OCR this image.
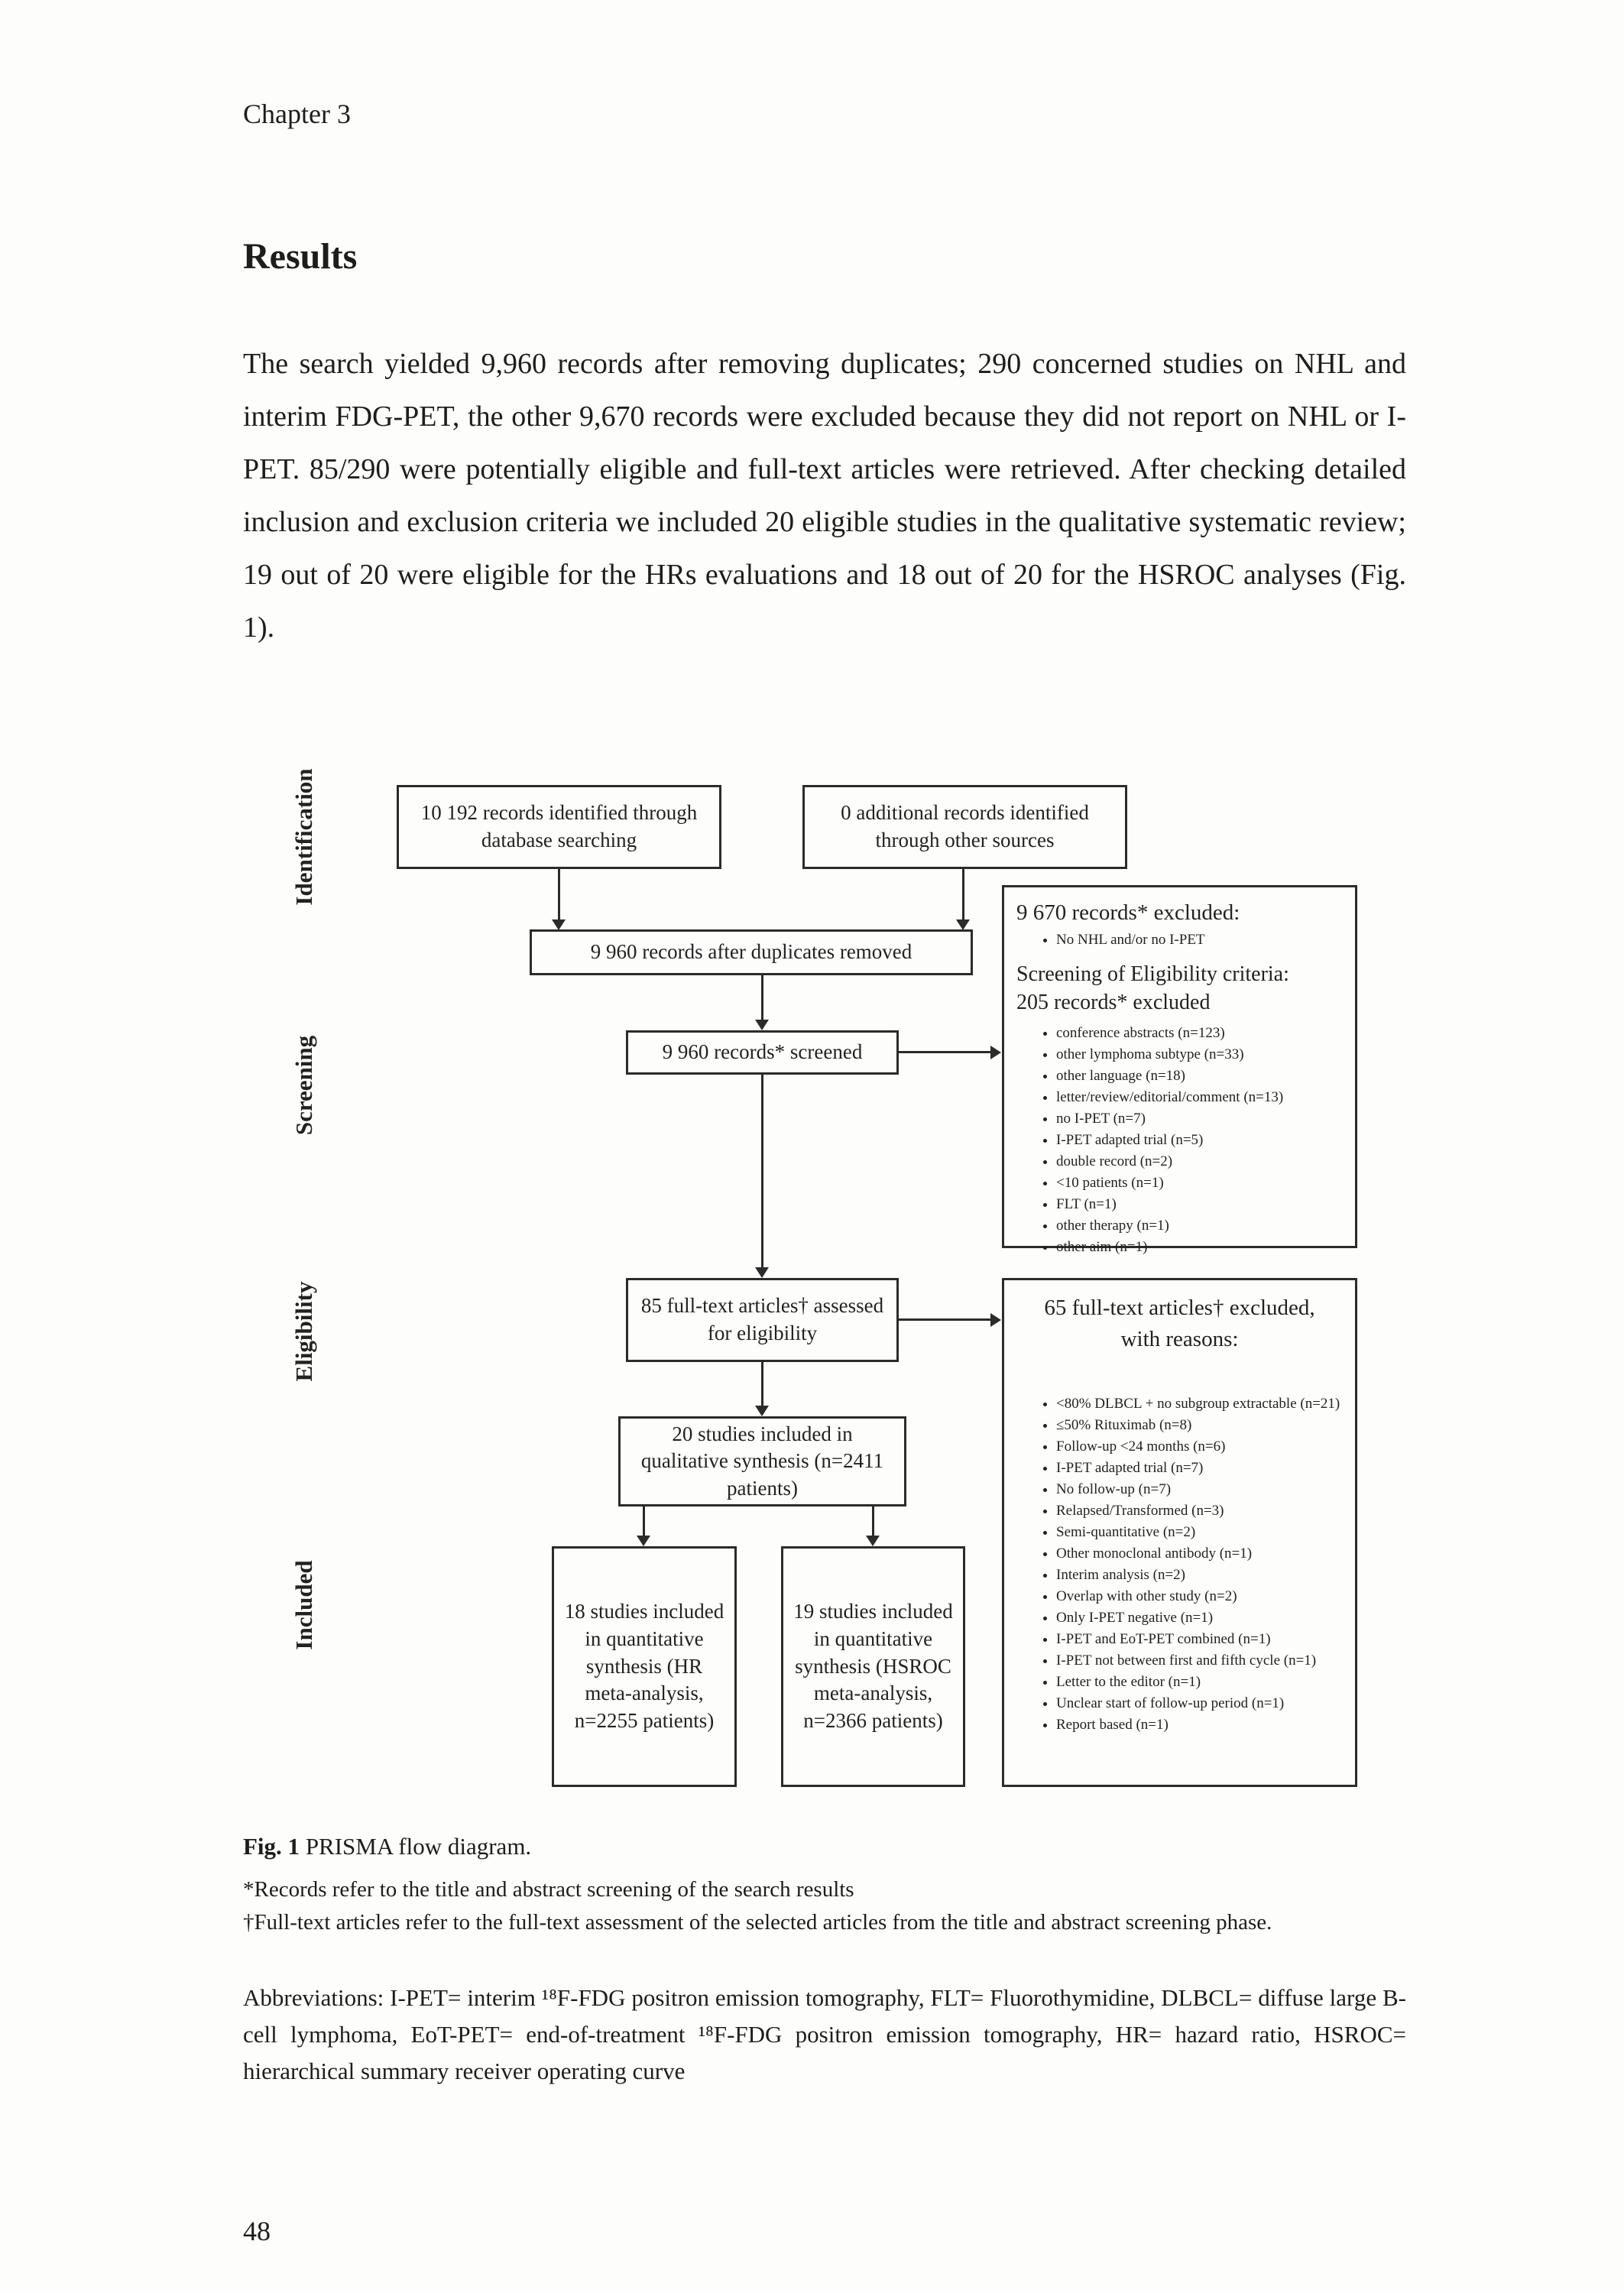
Chapter 3
Results

The search yielded 9,960 records after removing duplicates; 290 concerned studies on NHL and interim FDG-PET, the other 9,670 records were excluded because they did not report on NHL or I-PET. 85/290 were potentially eligible and full-text articles were retrieved. After checking detailed inclusion and exclusion criteria we included 20 eligible studies in the qualitative systematic review; 19 out of 20 were eligible for the HRs evaluations and 18 out of 20 for the HSROC analyses (Fig. 1).

Identification
Screening
Eligibility
Included
10 192 records identified through database searching
0 additional records identified through other sources
9 960 records after duplicates removed
9 960 records* screened
85 full-text articles† assessed for eligibility
20 studies included in qualitative synthesis (n=2411 patients)
18 studies included in quantitative synthesis (HR meta-analysis, n=2255 patients)
19 studies included in quantitative synthesis (HSROC meta-analysis, n=2366 patients)
9 670 records* excluded:
• No NHL and/or no I-PET
Screening of Eligibility criteria:
205 records* excluded
• conference abstracts (n=123)
• other lymphoma subtype (n=33)
• other language (n=18)
• letter/review/editorial/comment (n=13)
• no I-PET (n=7)
• I-PET adapted trial (n=5)
• double record (n=2)
• <10 patients (n=1)
• FLT (n=1)
• other therapy (n=1)
• other aim (n=1)
65 full-text articles† excluded,
with reasons:
• <80% DLBCL + no subgroup extractable (n=21)
• ≤50% Rituximab (n=8)
• Follow-up <24 months (n=6)
• I-PET adapted trial (n=7)
• No follow-up (n=7)
• Relapsed/Transformed (n=3)
• Semi-quantitative (n=2)
• Other monoclonal antibody (n=1)
• Interim analysis (n=2)
• Overlap with other study (n=2)
• Only I-PET negative (n=1)
• I-PET and EoT-PET combined (n=1)
• I-PET not between first and fifth cycle (n=1)
• Letter to the editor (n=1)
• Unclear start of follow-up period (n=1)
• Report based (n=1)
Fig. 1 PRISMA flow diagram.
*Records refer to the title and abstract screening of the search results
†Full-text articles refer to the full-text assessment of the selected articles from the title and abstract screening phase.
Abbreviations: I-PET= interim ¹⁸F-FDG positron emission tomography, FLT= Fluorothymidine, DLBCL= diffuse large B-cell lymphoma, EoT-PET= end-of-treatment ¹⁸F-FDG positron emission tomography, HR= hazard ratio, HSROC= hierarchical summary receiver operating curve
48
